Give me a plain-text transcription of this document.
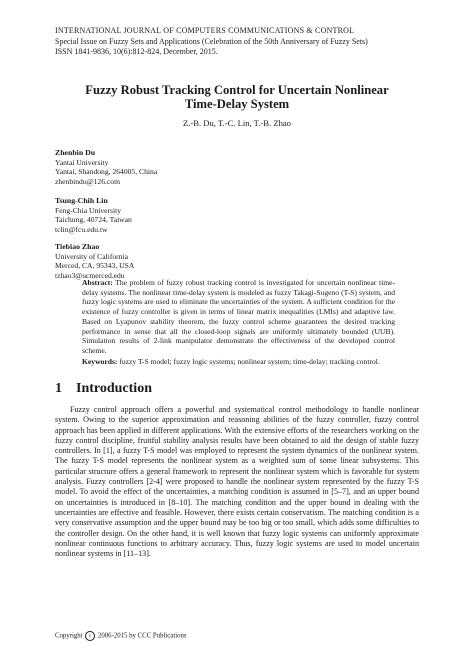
INTERNATIONAL JOURNAL OF COMPUTERS COMMUNICATIONS & CONTROL
Special Issue on Fuzzy Sets and Applications (Celebration of the 50th Anniversary of Fuzzy Sets)
ISSN 1841-9836, 10(6):812-824, December, 2015.
Fuzzy Robust Tracking Control for Uncertain Nonlinear
Time-Delay System
Z.-B. Du, T.-C. Lin, T.-B. Zhao
Zhenbin Du
Yantai University
Yantai, Shandong, 264005, China
zhenbindu@126.com
Tsung-Chih Lin
Feng-Chia University
Taichung, 40724, Taiwan
tclin@fcu.edu.tw
Tiebiao Zhao
University of California
Merced, CA, 95343, USA
tzhao3@ucmerced.edu
Abstract: The problem of fuzzy robust tracking control is investigated for uncertain nonlinear time-delay systems. The nonlinear time-delay system is modeled as fuzzy Takagi-Sugeno (T-S) system, and fuzzy logic systems are used to eliminate the uncertainties of the system. A sufficient condition for the existence of fuzzy controller is given in terms of linear matrix inequalities (LMIs) and adaptive law. Based on Lyapunov stability theorem, the fuzzy control scheme guarantees the desired tracking performance in sense that all the closed-loop signals are uniformly ultimately bounded (UUB). Simulation results of 2-link manipulator demonstrate the effectiveness of the developed control scheme.
Keywords: fuzzy T-S model; fuzzy logic systems; nonlinear system; time-delay; tracking control.
1 Introduction
Fuzzy control approach offers a powerful and systematical control methodology to handle nonlinear system. Owing to the superior approximation and reasoning abilities of the fuzzy controller, fuzzy control approach has been applied in different applications. With the extensive efforts of the researchers working on the fuzzy control discipline, fruitful stability analysis results have been obtained to aid the design of stable fuzzy controllers. In [1], a fuzzy T-S model was employed to represent the system dynamics of the nonlinear system. The fuzzy T-S model represents the nonlinear system as a weighted sum of some linear subsystems. This particular structure offers a general framework to represent the nonlinear system which is favorable for system analysis. Fuzzy controllers [2-4] were proposed to handle the nonlinear system represented by the fuzzy T-S model. To avoid the effect of the uncertainties, a matching condition is assumed in [5–7], and an upper bound on uncertainties is introduced in [8–10]. The matching condition and the upper bound in dealing with the uncertainties are effective and feasible. However, there exists certain conservatism. The matching condition is a very conservative assumption and the upper bound may be too big or too small, which adds some difficulties to the controller design. On the other hand, it is well known that fuzzy logic systems can uniformly approximate nonlinear continuous functions to arbitrary accuracy. Thus, fuzzy logic systems are used to model uncertain nonlinear systems in [11–13].
Copyright c 2006-2015 by CCC Publications
